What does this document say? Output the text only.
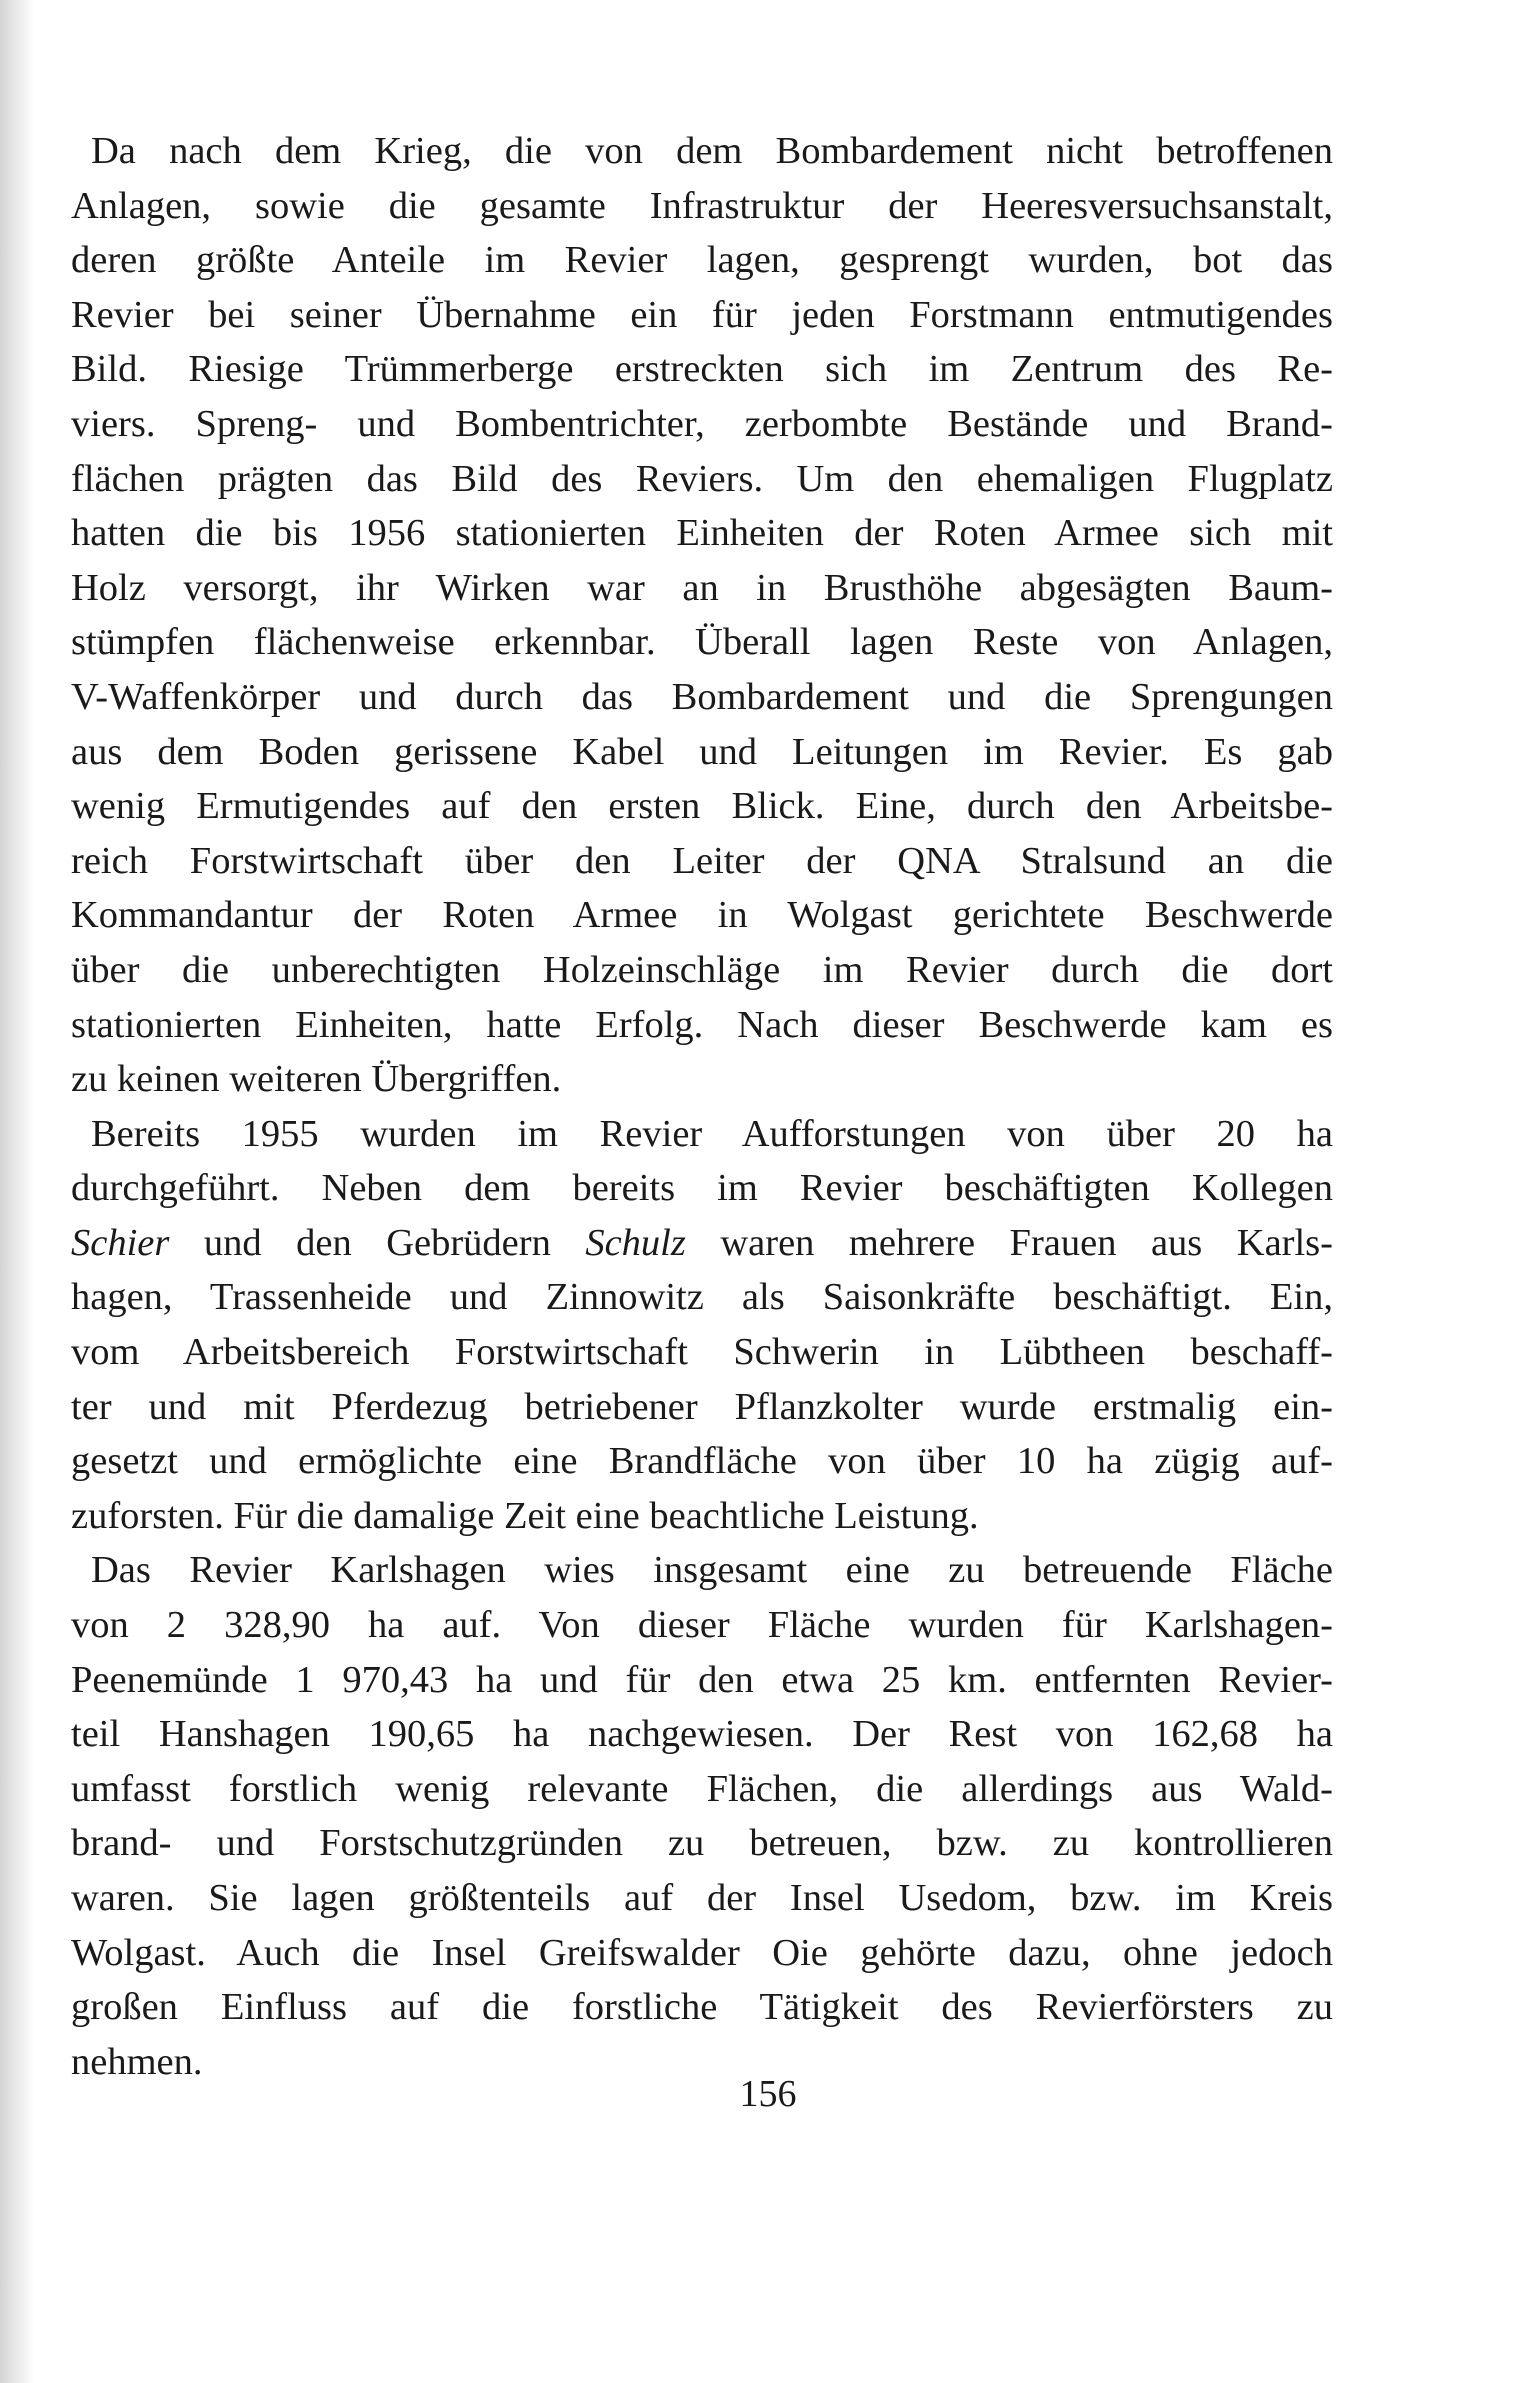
Da nach dem Krieg, die von dem Bombardement nicht betroffenen
Anlagen, sowie die gesamte Infrastruktur der Heeresversuchsanstalt,
deren größte Anteile im Revier lagen, gesprengt wurden, bot das
Revier bei seiner Übernahme ein für jeden Forstmann entmutigendes
Bild. Riesige Trümmerberge erstreckten sich im Zentrum des Re-
viers. Spreng- und Bombentrichter, zerbombte Bestände und Brand-
flächen prägten das Bild des Reviers. Um den ehemaligen Flugplatz
hatten die bis 1956 stationierten Einheiten der Roten Armee sich mit
Holz versorgt, ihr Wirken war an in Brusthöhe abgesägten Baum-
stümpfen flächenweise erkennbar. Überall lagen Reste von Anlagen,
V-Waffenkörper und durch das Bombardement und die Sprengungen
aus dem Boden gerissene Kabel und Leitungen im Revier. Es gab
wenig Ermutigendes auf den ersten Blick. Eine, durch den Arbeitsbe-
reich Forstwirtschaft über den Leiter der QNA Stralsund an die
Kommandantur der Roten Armee in Wolgast gerichtete Beschwerde
über die unberechtigten Holzeinschläge im Revier durch die dort
stationierten Einheiten, hatte Erfolg. Nach dieser Beschwerde kam es
zu keinen weiteren Übergriffen.

Bereits 1955 wurden im Revier Aufforstungen von über 20 ha
durchgeführt. Neben dem bereits im Revier beschäftigten Kollegen
Schier und den Gebrüdern Schulz waren mehrere Frauen aus Karls-
hagen, Trassenheide und Zinnowitz als Saisonkräfte beschäftigt. Ein,
vom Arbeitsbereich Forstwirtschaft Schwerin in Lübtheen beschaff-
ter und mit Pferdezug betriebener Pflanzkolter wurde erstmalig ein-
gesetzt und ermöglichte eine Brandfläche von über 10 ha zügig auf-
zuforsten. Für die damalige Zeit eine beachtliche Leistung.

Das Revier Karlshagen wies insgesamt eine zu betreuende Fläche
von 2 328,90 ha auf. Von dieser Fläche wurden für Karlshagen-
Peenemünde 1 970,43 ha und für den etwa 25 km. entfernten Revier-
teil Hanshagen 190,65 ha nachgewiesen. Der Rest von 162,68 ha
umfasst forstlich wenig relevante Flächen, die allerdings aus Wald-
brand- und Forstschutzgründen zu betreuen, bzw. zu kontrollieren
waren. Sie lagen größtenteils auf der Insel Usedom, bzw. im Kreis
Wolgast. Auch die Insel Greifswalder Oie gehörte dazu, ohne jedoch
großen Einfluss auf die forstliche Tätigkeit des Revierförsters zu
nehmen.

156
